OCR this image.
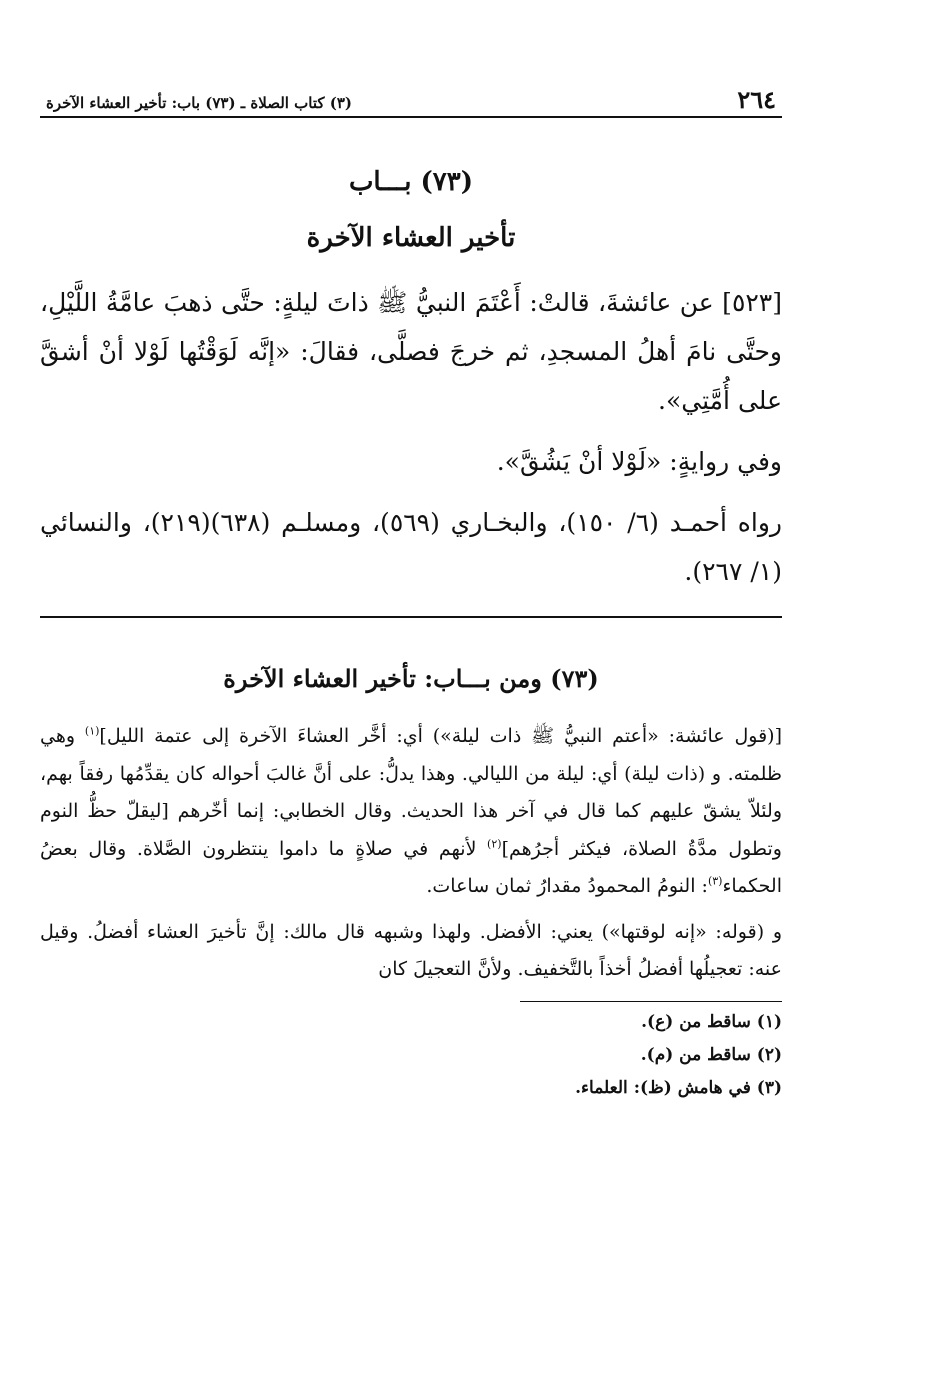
٢٦٤
(٣) كتاب الصلاة ـ (٧٣) باب: تأخير العشاء الآخرة
(٧٣) بـــاب
تأخير العشاء الآخرة

[٥٢٣] عن عائشةَ، قالتْ: أَعْتَمَ النبيُّ ﷺ ذاتَ ليلةٍ: حتَّى ذهبَ عامَّةُ اللَّيْلِ، وحتَّى نامَ أهلُ المسجدِ، ثم خرجَ فصلَّى، فقالَ: «إنَّه لَوَقْتُها لَوْلا أنْ أشقَّ على أُمَّتِي».

وفي روايةٍ: «لَوْلا أنْ يَشُقَّ».

رواه أحمـد (٦/ ١٥٠)، والبخـاري (٥٦٩)، ومسلـم (٦٣٨)(٢١٩)، والنسائي (١/ ٢٦٧).

(٧٣) ومن بـــاب: تأخير العشاء الآخرة

[(قول عائشة: «أعتم النبيُّ ﷺ ذات ليلة») أي: أخَّر العشاءَ الآخرة إلى عتمة الليل]$^{(١)}$ وهي ظلمته. و (ذات ليلة) أي: ليلة من الليالي. وهذا يدلُّ: على أنَّ غالبَ أحواله كان يقدِّمُها رفقاً بهم، ولئلاّ يشقّ عليهم كما قال في آخر هذا الحديث. وقال الخطابي: إنما أخّرهم [ليقلّ حظُّ النوم وتطول مدَّةُ الصلاة، فيكثر أجرُهم]$^{(٢)}$ لأنهم في صلاةٍ ما داموا ينتظرون الصَّلاة. وقال بعضُ الحكماء$^{(٣)}$: النومُ المحمودُ مقدارُ ثمان ساعات.

و (قوله: «إنه لوقتها») يعني: الأفضل. ولهذا وشبهه قال مالك: إنَّ تأخيرَ العشاء أفضلُ. وقيل عنه: تعجيلُها أفضلُ أخذاً بالتَّخفيف. ولأنَّ التعجيلَ كان

(١) ساقط من (ع).
(٢) ساقط من (م).
(٣) في هامش (ظ): العلماء.
